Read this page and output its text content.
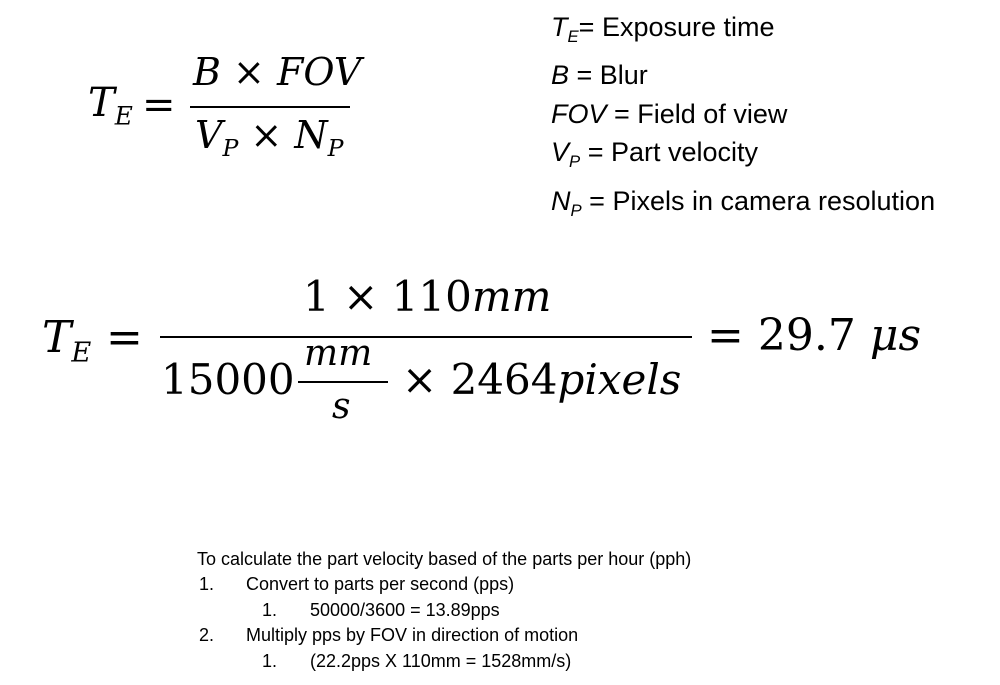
$T_E$ =
B × FOV
$V_P \times N_P$
$T_E=$ Exposure time
B = Blur
FOV = Field of view
$V_P$ = Part velocity
$N_P$ = Pixels in camera resolution
$T_E$ =
1 × 110mm
15000
mm
s
× 2464pixels
= 29.7 μs
To calculate the part velocity based of the parts per hour (pph)
1. Convert to parts per second (pps)
1. 50000/3600 = 13.89pps
2. Multiply pps by FOV in direction of motion
1. (22.2pps X 110mm = 1528mm/s)
